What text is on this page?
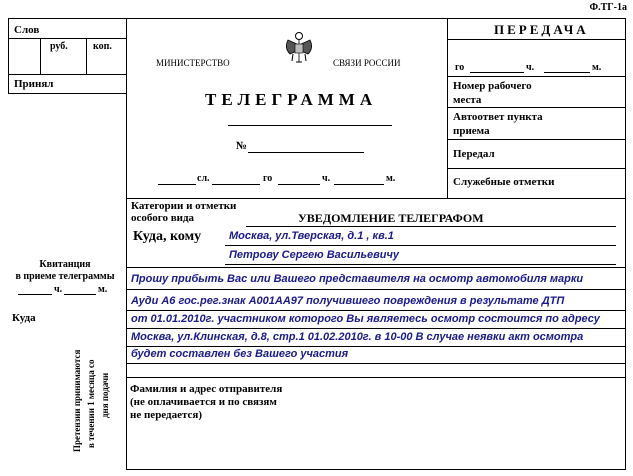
Ф.ТГ-1а
Слов
руб.	коп.
Принял
Квитанция
в приеме телеграммы
ч.	м.
Куда
Претензии принимаются в течении 1 месяца со дня подачи
МИНИСТЕРСТВО	СВЯЗИ РОССИИ
ТЕЛЕГРАММА
№
сл.	го	ч.	м.
ПЕРЕДАЧА
го	ч.	м.
Номер рабочего места
Автоответ пункта приема
Передал
Служебные отметки
Категории и отметки особого вида	УВЕДОМЛЕНИЕ ТЕЛЕГРАФОМ
Куда, кому	Москва, ул.Тверская, д.1 , кв.1
Петрову Сергею Васильевичу
Прошу прибыть Вас или Вашего представителя на осмотр автомобиля марки
Ауди А6 гос.рег.знак А001АА97 получившего повреждения в результате ДТП
от 01.01.2010г. участником которого Вы являетесь осмотр состоится по адресу
Москва, ул.Клинская, д.8, стр.1 01.02.2010г. в 10-00 В случае неявки акт осмотра
будет составлен без Вашего участия
Фамилия и адрес отправителя
(не оплачивается и по связям
не передается)
